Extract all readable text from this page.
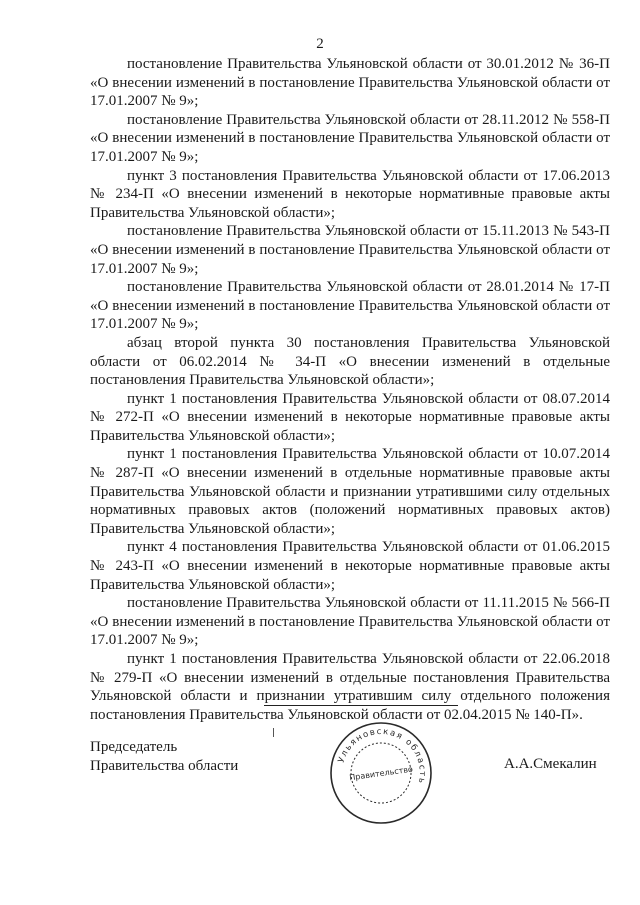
2

постановление Правительства Ульяновской области от 30.01.2012 № 36-П «О внесении изменений в постановление Правительства Ульяновской области от 17.01.2007 № 9»;

постановление Правительства Ульяновской области от 28.11.2012 № 558-П «О внесении изменений в постановление Правительства Ульяновской области от 17.01.2007 № 9»;

пункт 3 постановления Правительства Ульяновской области от 17.06.2013 № 234-П «О внесении изменений в некоторые нормативные правовые акты Правительства Ульяновской области»;

постановление Правительства Ульяновской области от 15.11.2013 № 543-П «О внесении изменений в постановление Правительства Ульяновской области от 17.01.2007 № 9»;

постановление Правительства Ульяновской области от 28.01.2014 № 17-П «О внесении изменений в постановление Правительства Ульяновской области от 17.01.2007 № 9»;

абзац второй пункта 30 постановления Правительства Ульяновской области от 06.02.2014 № 34-П «О внесении изменений в отдельные постановления Правительства Ульяновской области»;

пункт 1 постановления Правительства Ульяновской области от 08.07.2014 № 272-П «О внесении изменений в некоторые нормативные правовые акты Правительства Ульяновской области»;

пункт 1 постановления Правительства Ульяновской области от 10.07.2014 № 287-П «О внесении изменений в отдельные нормативные правовые акты Правительства Ульяновской области и признании утратившими силу отдельных нормативных правовых актов (положений нормативных правовых актов) Правительства Ульяновской области»;

пункт 4 постановления Правительства Ульяновской области от 01.06.2015 № 243-П «О внесении изменений в некоторые нормативные правовые акты Правительства Ульяновской области»;

постановление Правительства Ульяновской области от 11.11.2015 № 566-П «О внесении изменений в постановление Правительства Ульяновской области от 17.01.2007 № 9»;

пункт 1 постановления Правительства Ульяновской области от 22.06.2018 № 279-П «О внесении изменений в отдельные постановления Правительства Ульяновской области и признании утратившим силу отдельного положения постановления Правительства Ульяновской области от 02.04.2015 № 140-П».

Председатель
Правительства области	А.А.Смекалин
Ульяновская область
Правительство
